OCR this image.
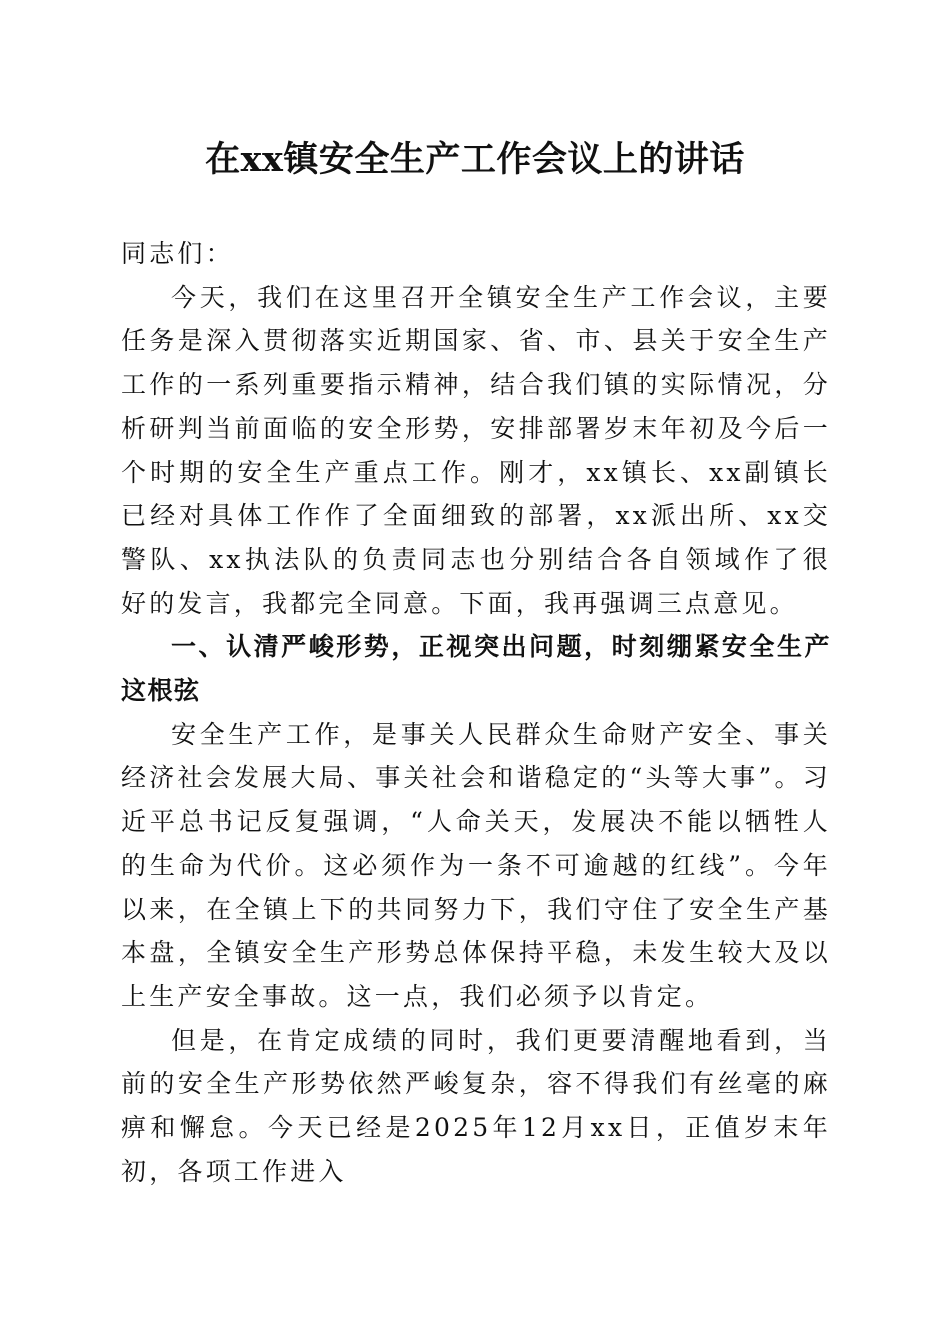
在xx镇安全生产工作会议上的讲话

同志们：

今天，我们在这里召开全镇安全生产工作会议，主要任务是深入贯彻落实近期国家、省、市、县关于安全生产工作的一系列重要指示精神，结合我们镇的实际情况，分析研判当前面临的安全形势，安排部署岁末年初及今后一个时期的安全生产重点工作。刚才，xx镇长、xx副镇长已经对具体工作作了全面细致的部署，xx派出所、xx交警队、xx执法队的负责同志也分别结合各自领域作了很好的发言，我都完全同意。下面，我再强调三点意见。

一、认清严峻形势，正视突出问题，时刻绷紧安全生产这根弦

安全生产工作，是事关人民群众生命财产安全、事关经济社会发展大局、事关社会和谐稳定的“头等大事”。习近平总书记反复强调，“人命关天，发展决不能以牺牲人的生命为代价。这必须作为一条不可逾越的红线”。今年以来，在全镇上下的共同努力下，我们守住了安全生产基本盘，全镇安全生产形势总体保持平稳，未发生较大及以上生产安全事故。这一点，我们必须予以肯定。

但是，在肯定成绩的同时，我们更要清醒地看到，当前的安全生产形势依然严峻复杂，容不得我们有丝毫的麻痹和懈怠。今天已经是2025年12月xx日，正值岁末年初，各项工作进入
